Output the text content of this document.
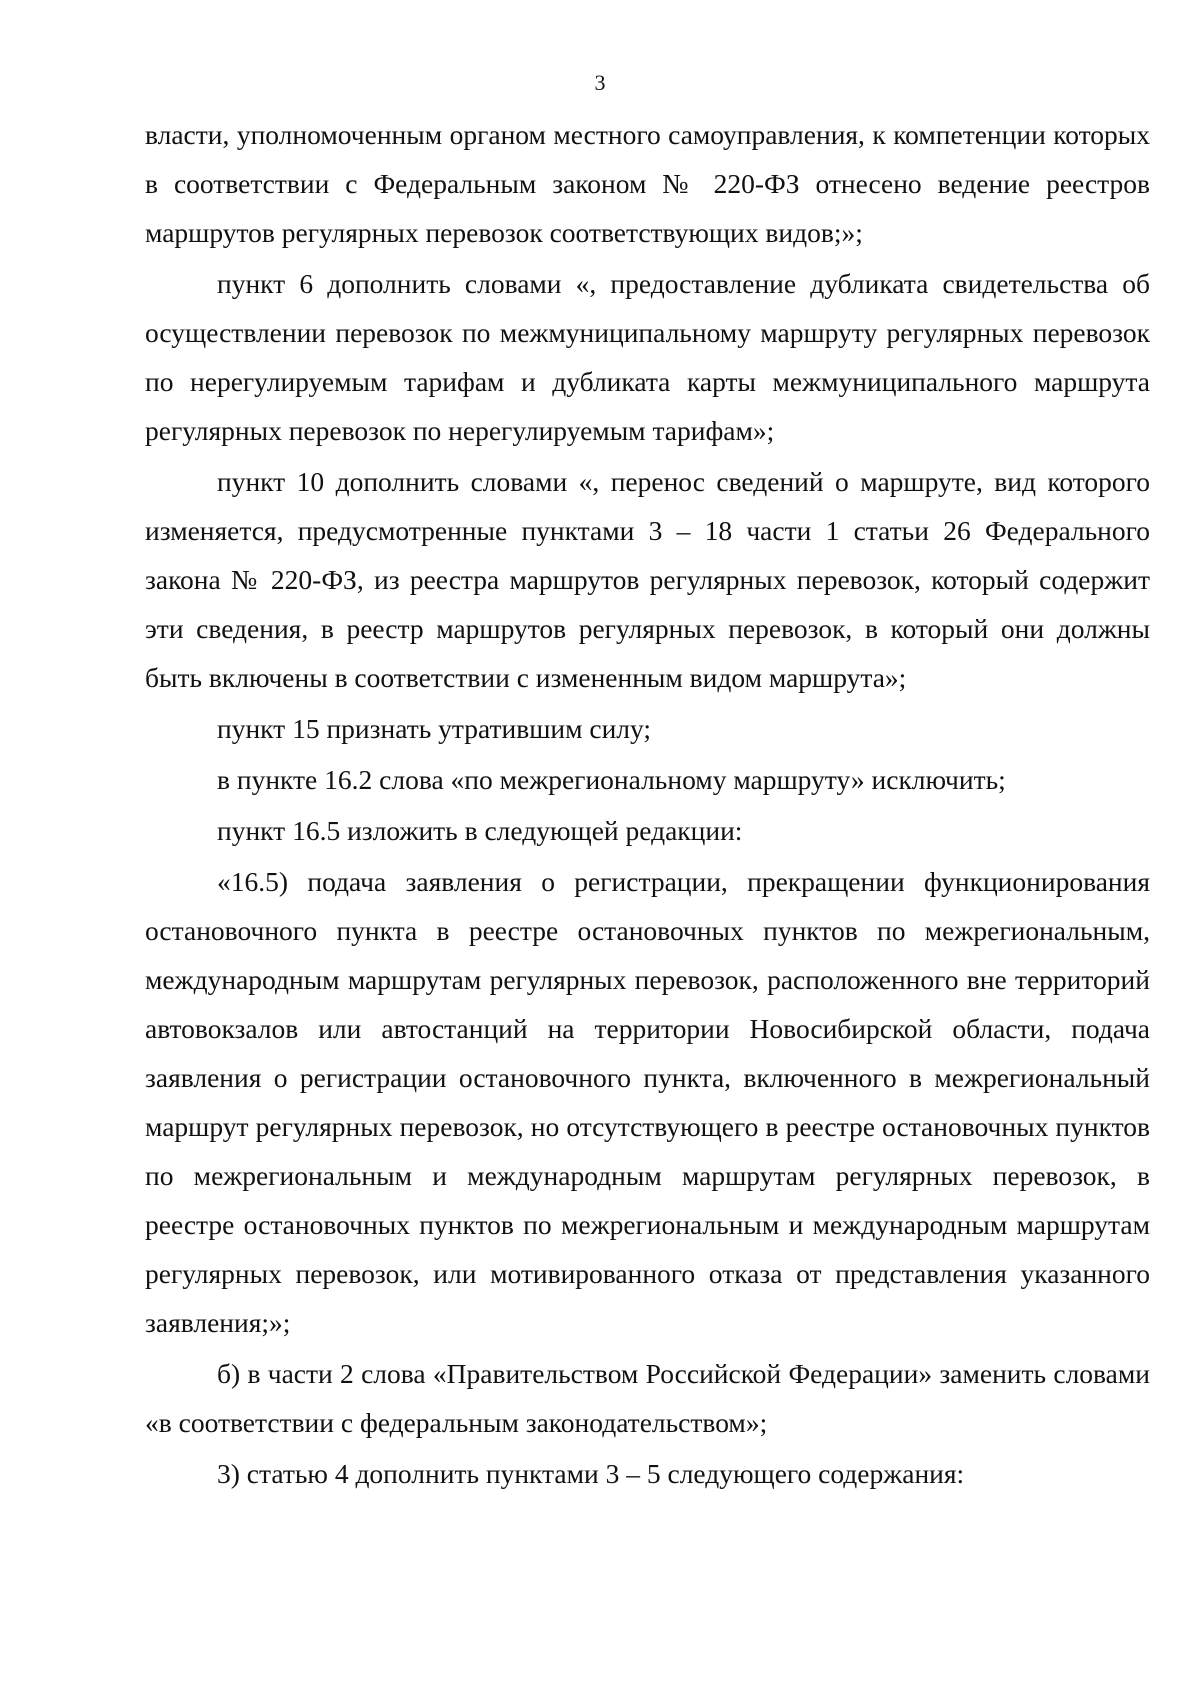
3

власти, уполномоченным органом местного самоуправления, к компетенции которых в соответствии с Федеральным законом № 220-ФЗ отнесено ведение реестров маршрутов регулярных перевозок соответствующих видов;»;

пункт 6 дополнить словами «, предоставление дубликата свидетельства об осуществлении перевозок по межмуниципальному маршруту регулярных перевозок по нерегулируемым тарифам и дубликата карты межмуниципального маршрута регулярных перевозок по нерегулируемым тарифам»;

пункт 10 дополнить словами «, перенос сведений о маршруте, вид которого изменяется, предусмотренные пунктами 3 – 18 части 1 статьи 26 Федерального закона № 220-ФЗ, из реестра маршрутов регулярных перевозок, который содержит эти сведения, в реестр маршрутов регулярных перевозок, в который они должны быть включены в соответствии с измененным видом маршрута»;

пункт 15 признать утратившим силу;

в пункте 16.2 слова «по межрегиональному маршруту» исключить;

пункт 16.5 изложить в следующей редакции:

«16.5) подача заявления о регистрации, прекращении функционирования остановочного пункта в реестре остановочных пунктов по межрегиональным, международным маршрутам регулярных перевозок, расположенного вне территорий автовокзалов или автостанций на территории Новосибирской области, подача заявления о регистрации остановочного пункта, включенного в межрегиональный маршрут регулярных перевозок, но отсутствующего в реестре остановочных пунктов по межрегиональным и международным маршрутам регулярных перевозок, в реестре остановочных пунктов по межрегиональным и международным маршрутам регулярных перевозок, или мотивированного отказа от представления указанного заявления;»;

б) в части 2 слова «Правительством Российской Федерации» заменить словами «в соответствии с федеральным законодательством»;

3) статью 4 дополнить пунктами 3 – 5 следующего содержания:
